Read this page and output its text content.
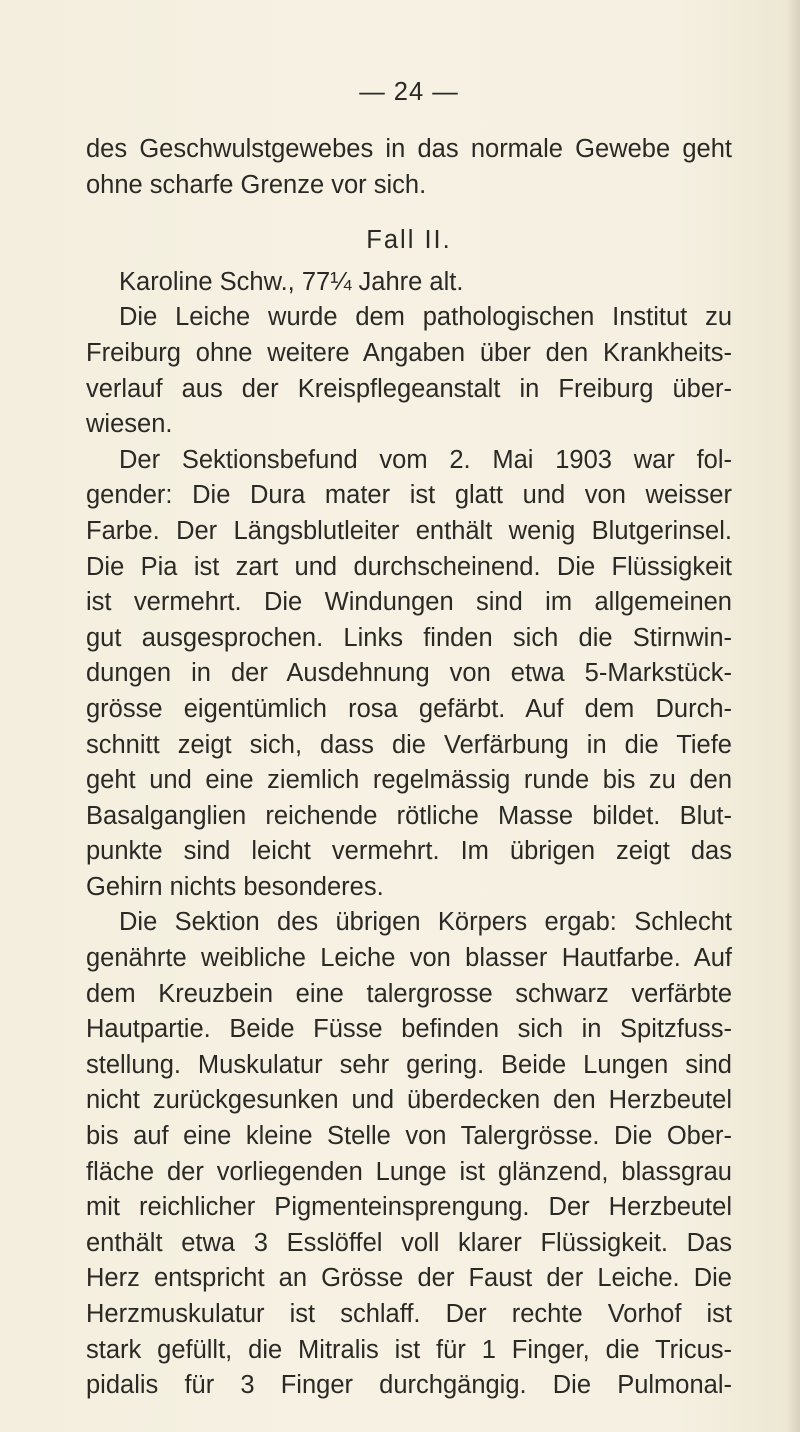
— 24 —
des Geschwulstgewebes in das normale Gewebe geht
ohne scharfe Grenze vor sich.
Fall II.
Karoline Schw., 77¼ Jahre alt.
Die Leiche wurde dem pathologischen Institut zu
Freiburg ohne weitere Angaben über den Krankheits-
verlauf aus der Kreispflegeanstalt in Freiburg über-
wiesen.
Der Sektionsbefund vom 2. Mai 1903 war fol-
gender: Die Dura mater ist glatt und von weisser
Farbe. Der Längsblutleiter enthält wenig Blutgerinsel.
Die Pia ist zart und durchscheinend. Die Flüssigkeit
ist vermehrt. Die Windungen sind im allgemeinen
gut ausgesprochen. Links finden sich die Stirnwin-
dungen in der Ausdehnung von etwa 5-Markstück-
grösse eigentümlich rosa gefärbt. Auf dem Durch-
schnitt zeigt sich, dass die Verfärbung in die Tiefe
geht und eine ziemlich regelmässig runde bis zu den
Basalganglien reichende rötliche Masse bildet. Blut-
punkte sind leicht vermehrt. Im übrigen zeigt das
Gehirn nichts besonderes.
Die Sektion des übrigen Körpers ergab: Schlecht
genährte weibliche Leiche von blasser Hautfarbe. Auf
dem Kreuzbein eine talergrosse schwarz verfärbte
Hautpartie. Beide Füsse befinden sich in Spitzfuss-
stellung. Muskulatur sehr gering. Beide Lungen sind
nicht zurückgesunken und überdecken den Herzbeutel
bis auf eine kleine Stelle von Talergrösse. Die Ober-
fläche der vorliegenden Lunge ist glänzend, blassgrau
mit reichlicher Pigmenteinsprengung. Der Herzbeutel
enthält etwa 3 Esslöffel voll klarer Flüssigkeit. Das
Herz entspricht an Grösse der Faust der Leiche. Die
Herzmuskulatur ist schlaff. Der rechte Vorhof ist
stark gefüllt, die Mitralis ist für 1 Finger, die Tricus-
pidalis für 3 Finger durchgängig. Die Pulmonal-
